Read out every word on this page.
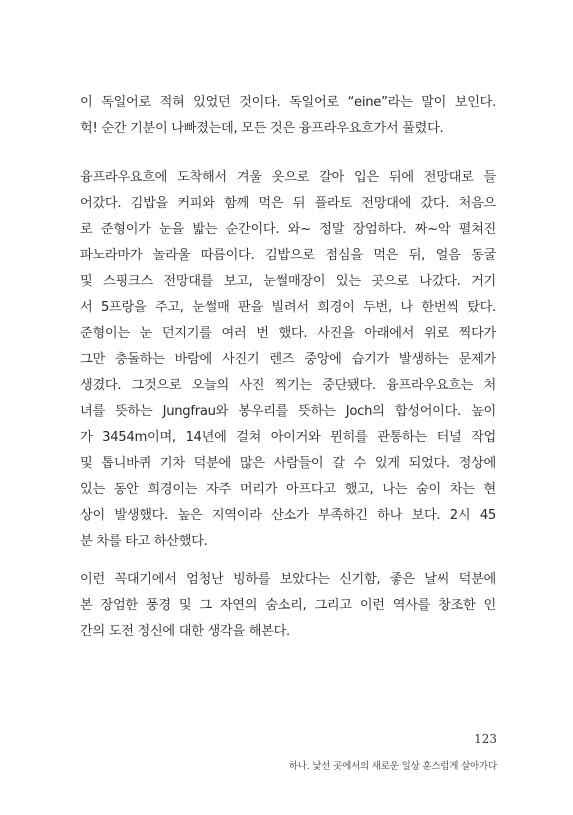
이 독일어로 적혀 있었던 것이다. 독일어로 “eine”라는 말이 보인다.
헉! 순간 기분이 나빠졌는데, 모든 것은 융프라우요흐가서 풀렸다.

융프라우요흐에 도착해서 겨울 옷으로 갈아 입은 뒤에 전망대로 들
어갔다. 김밥을 커피와 함께 먹은 뒤 플라토 전망대에 갔다. 처음으
로 준형이가 눈을 밟는 순간이다. 와~ 정말 장엄하다. 짜~악 펼쳐진
파노라마가 놀라울 따름이다. 김밥으로 점심을 먹은 뒤, 얼음 동굴
및 스핑크스 전망대를 보고, 눈썰매장이 있는 곳으로 나갔다. 거기
서 5프랑을 주고, 눈썰매 판을 빌려서 희경이 두번, 나 한번씩 탔다.
준형이는 눈 던지기를 여러 번 했다. 사진을 아래에서 위로 찍다가
그만 충돌하는 바람에 사진기 렌즈 중앙에 습기가 발생하는 문제가
생겼다. 그것으로 오늘의 사진 찍기는 중단됐다. 융프라우요흐는 처
녀를 뜻하는 Jungfrau와 봉우리를 뜻하는 Joch의 합성어이다. 높이
가 3454m이며, 14년에 걸쳐 아이거와 뮌히를 관통하는 터널 작업
및 톱니바퀴 기차 덕분에 많은 사람들이 갈 수 있게 되었다. 정상에
있는 동안 희경이는 자주 머리가 아프다고 했고, 나는 숨이 차는 현
상이 발생했다. 높은 지역이라 산소가 부족하긴 하나 보다. 2시 45
분 차를 타고 하산했다.

이런 꼭대기에서 엄청난 빙하를 보았다는 신기함, 좋은 날씨 덕분에
본 장엄한 풍경 및 그 자연의 숨소리, 그리고 이런 역사를 창조한 인
간의 도전 정신에 대한 생각을 해본다.

123
하나. 낯선 곳에서의 새로운 일상 훈스럽게 살아가다
